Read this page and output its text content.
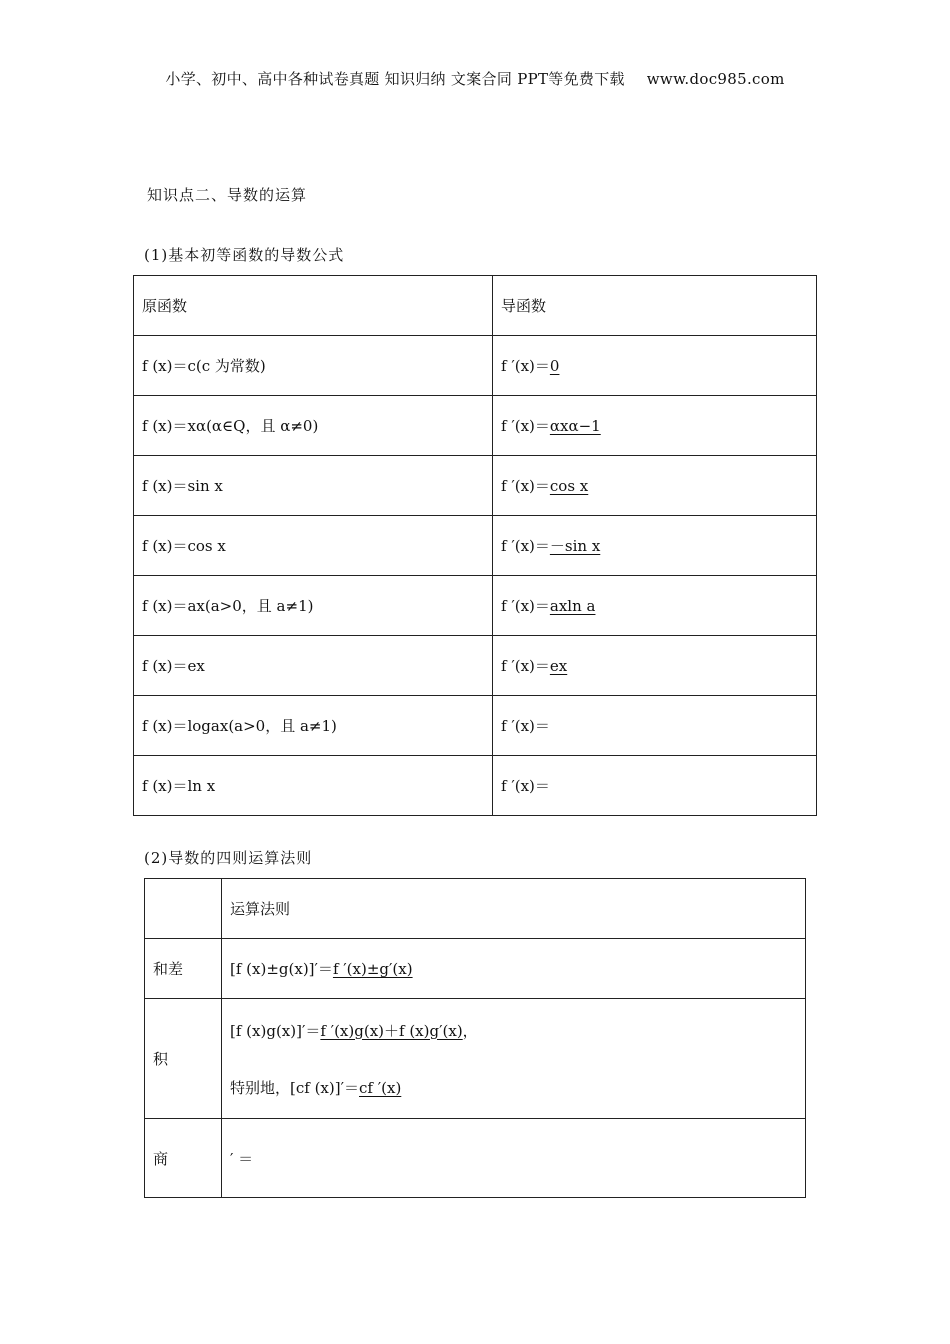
小学、初中、高中各种试卷真题 知识归纳 文案合同 PPT等免费下载 www.doc985.com
知识点二、导数的运算
(1)基本初等函数的导数公式
原函数	导函数
f (x)＝c(c 为常数)	f ′(x)＝0
f (x)＝xα(α∈Q，且 α≠0)	f ′(x)＝αxα−1
f (x)＝sin x	f ′(x)＝cos x
f (x)＝cos x	f ′(x)＝－sin x
f (x)＝ax(a>0，且 a≠1)	f ′(x)＝axln a
f (x)＝ex	f ′(x)＝ex
f (x)＝logax(a>0，且 a≠1)	f ′(x)＝
f (x)＝ln x	f ′(x)＝
(2)导数的四则运算法则
	运算法则
和差	[f (x)±g(x)]′＝f ′(x)±g′(x)
积	[f (x)g(x)]′＝f ′(x)g(x)＋f (x)g′(x)，
特别地，[cf (x)]′＝cf ′(x)

商	′ ＝
